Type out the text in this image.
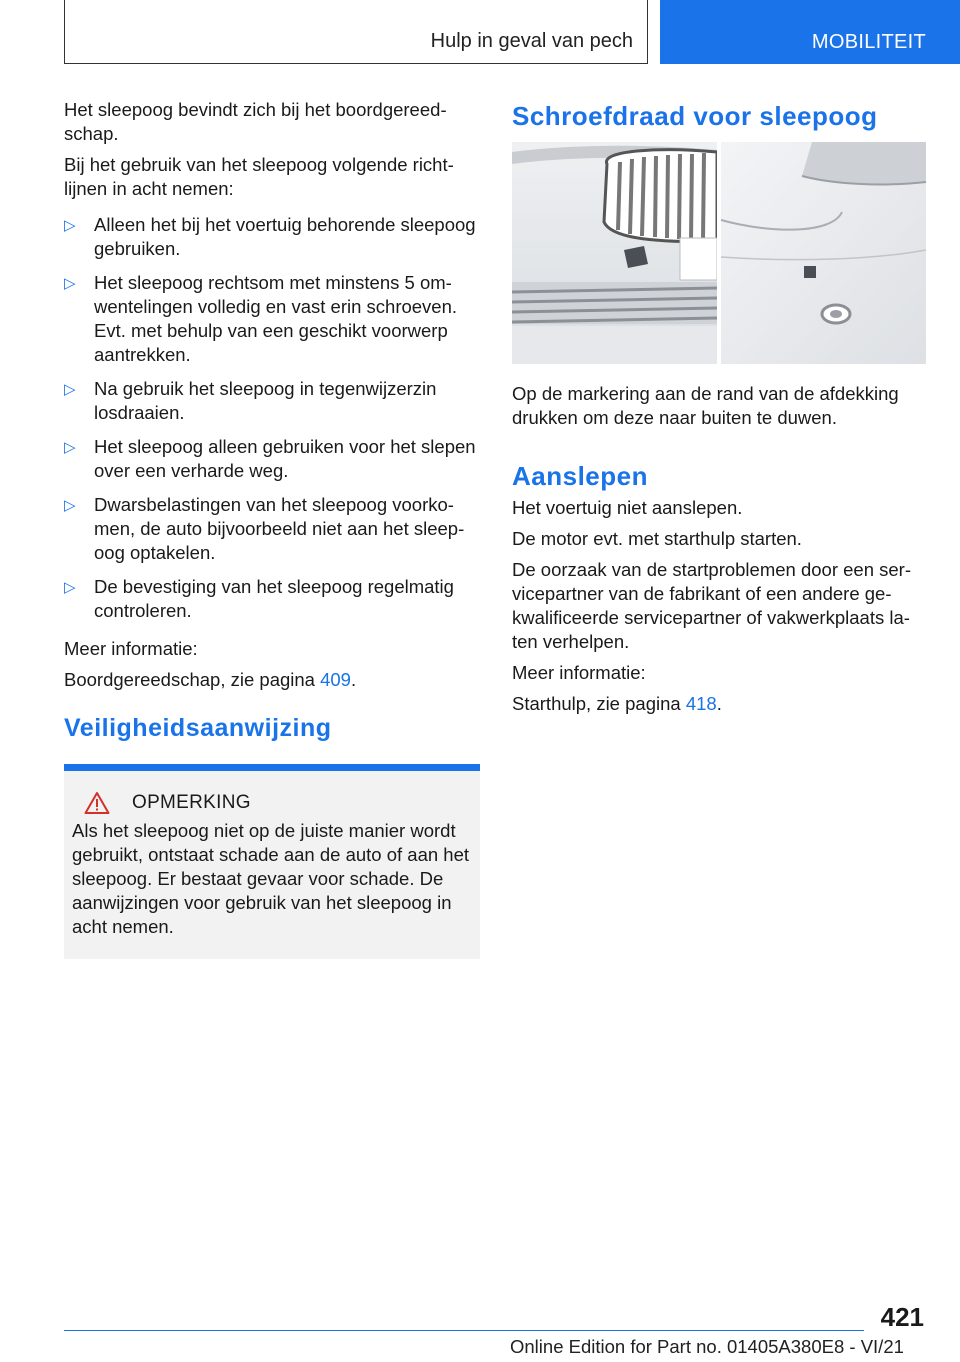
Hulp in geval van pech	MOBILITEIT

Het sleepoog bevindt zich bij het boordgereedschap.

Bij het gebruik van het sleepoog volgende richtlijnen in acht nemen:

▷ Alleen het bij het voertuig behorende sleepoog gebruiken.
▷ Het sleepoog rechtsom met minstens 5 omwentelingen volledig en vast erin schroeven. Evt. met behulp van een geschikt voorwerp aantrekken.
▷ Na gebruik het sleepoog in tegenwijzerzin losdraaien.
▷ Het sleepoog alleen gebruiken voor het slepen over een verharde weg.
▷ Dwarsbelastingen van het sleepoog voorkomen, de auto bijvoorbeeld niet aan het sleepoog optakelen.
▷ De bevestiging van het sleepoog regelmatig controleren.

Meer informatie:

Boordgereedschap, zie pagina 409.

Veiligheidsaanwijzing
OPMERKING
Als het sleepoog niet op de juiste manier wordt gebruikt, ontstaat schade aan de auto of aan het sleepoog. Er bestaat gevaar voor schade. De aanwijzingen voor gebruik van het sleepoog in acht nemen.
Schroefdraad voor sleepoog

Op de markering aan de rand van de afdekking drukken om deze naar buiten te duwen.

Aanslepen

Het voertuig niet aanslepen.

De motor evt. met starthulp starten.

De oorzaak van de startproblemen door een servicepartner van de fabrikant of een andere gekwalificeerde servicepartner of vakwerkplaats laten verhelpen.

Meer informatie:

Starthulp, zie pagina 418.

421
Online Edition for Part no. 01405A380E8 - VI/21
